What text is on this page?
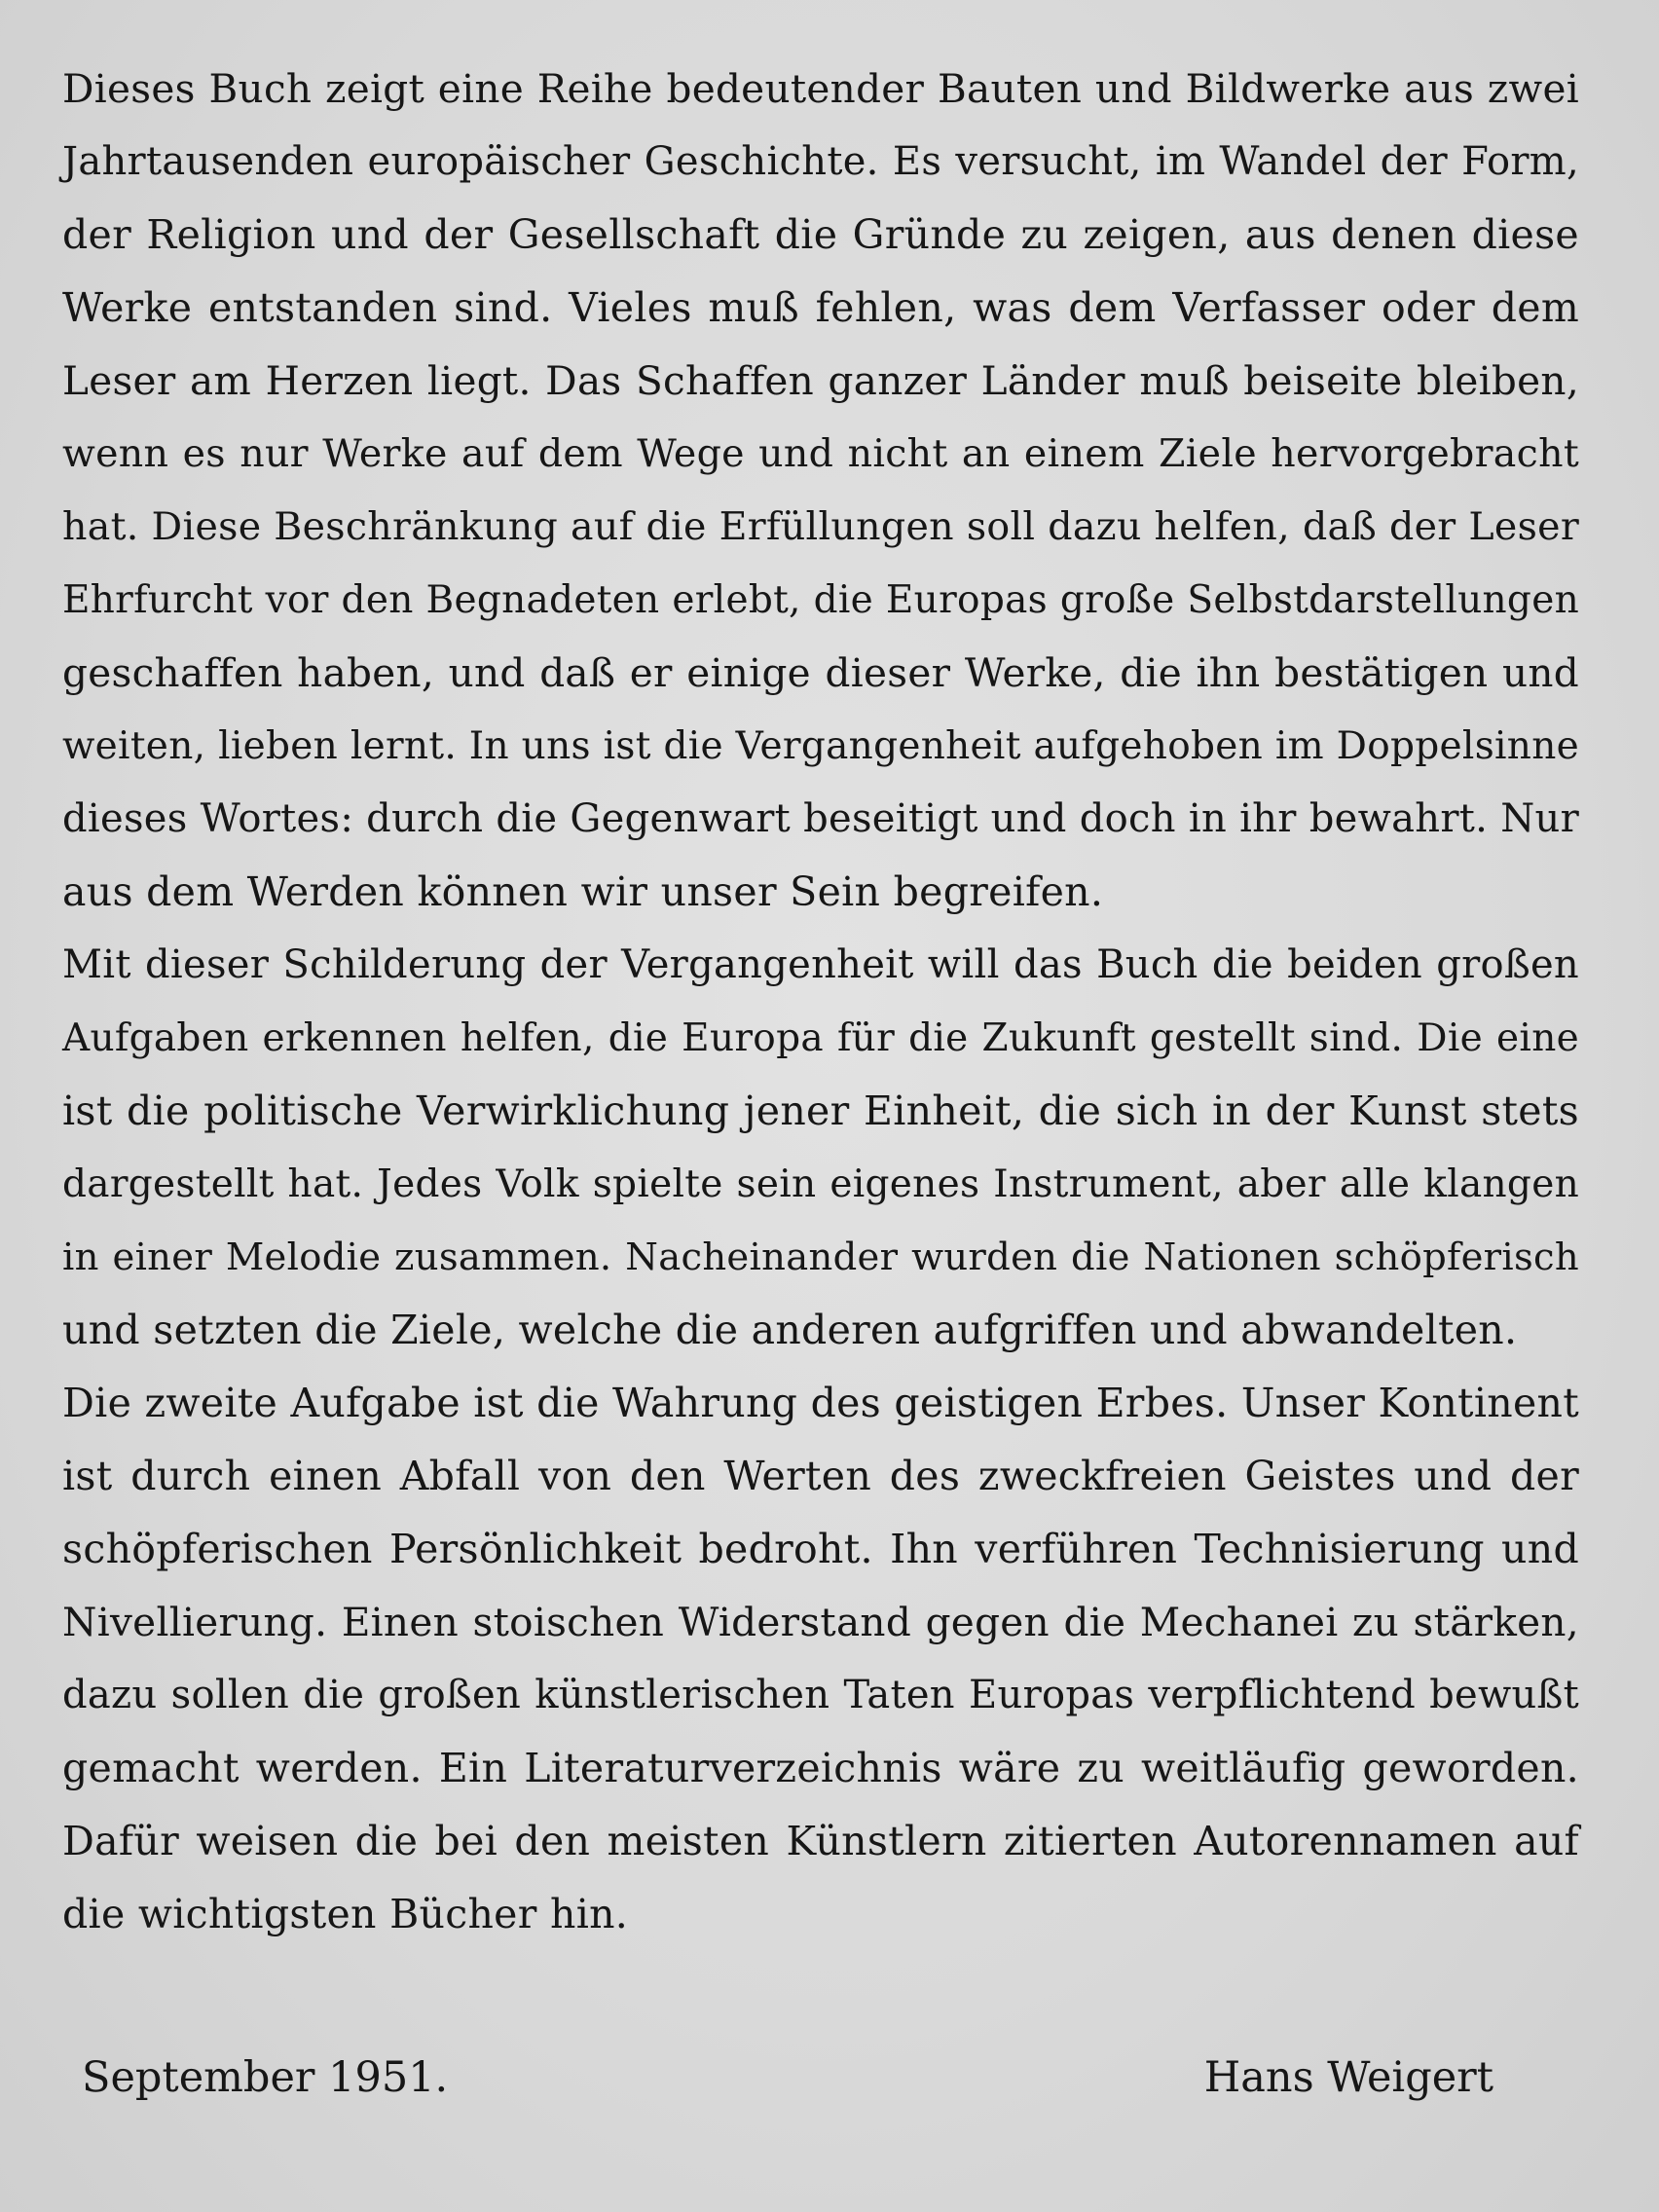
Dieses Buch zeigt eine Reihe bedeutender Bauten und Bildwerke aus zwei
Jahrtausenden europäischer Geschichte. Es versucht, im Wandel der Form,
der Religion und der Gesellschaft die Gründe zu zeigen, aus denen diese
Werke entstanden sind. Vieles muß fehlen, was dem Verfasser oder dem
Leser am Herzen liegt. Das Schaffen ganzer Länder muß beiseite bleiben,
wenn es nur Werke auf dem Wege und nicht an einem Ziele hervorgebracht
hat. Diese Beschränkung auf die Erfüllungen soll dazu helfen, daß der Leser
Ehrfurcht vor den Begnadeten erlebt, die Europas große Selbstdarstellungen
geschaffen haben, und daß er einige dieser Werke, die ihn bestätigen und
weiten, lieben lernt. In uns ist die Vergangenheit aufgehoben im Doppelsinne
dieses Wortes: durch die Gegenwart beseitigt und doch in ihr bewahrt. Nur
aus dem Werden können wir unser Sein begreifen.
Mit dieser Schilderung der Vergangenheit will das Buch die beiden großen
Aufgaben erkennen helfen, die Europa für die Zukunft gestellt sind. Die eine
ist die politische Verwirklichung jener Einheit, die sich in der Kunst stets
dargestellt hat. Jedes Volk spielte sein eigenes Instrument, aber alle klangen
in einer Melodie zusammen. Nacheinander wurden die Nationen schöpferisch
und setzten die Ziele, welche die anderen aufgriffen und abwandelten.
Die zweite Aufgabe ist die Wahrung des geistigen Erbes. Unser Kontinent
ist durch einen Abfall von den Werten des zweckfreien Geistes und der
schöpferischen Persönlichkeit bedroht. Ihn verführen Technisierung und
Nivellierung. Einen stoischen Widerstand gegen die Mechanei zu stärken,
dazu sollen die großen künstlerischen Taten Europas verpflichtend bewußt
gemacht werden. Ein Literaturverzeichnis wäre zu weitläufig geworden.
Dafür weisen die bei den meisten Künstlern zitierten Autorennamen auf
die wichtigsten Bücher hin.
September 1951.	Hans Weigert
